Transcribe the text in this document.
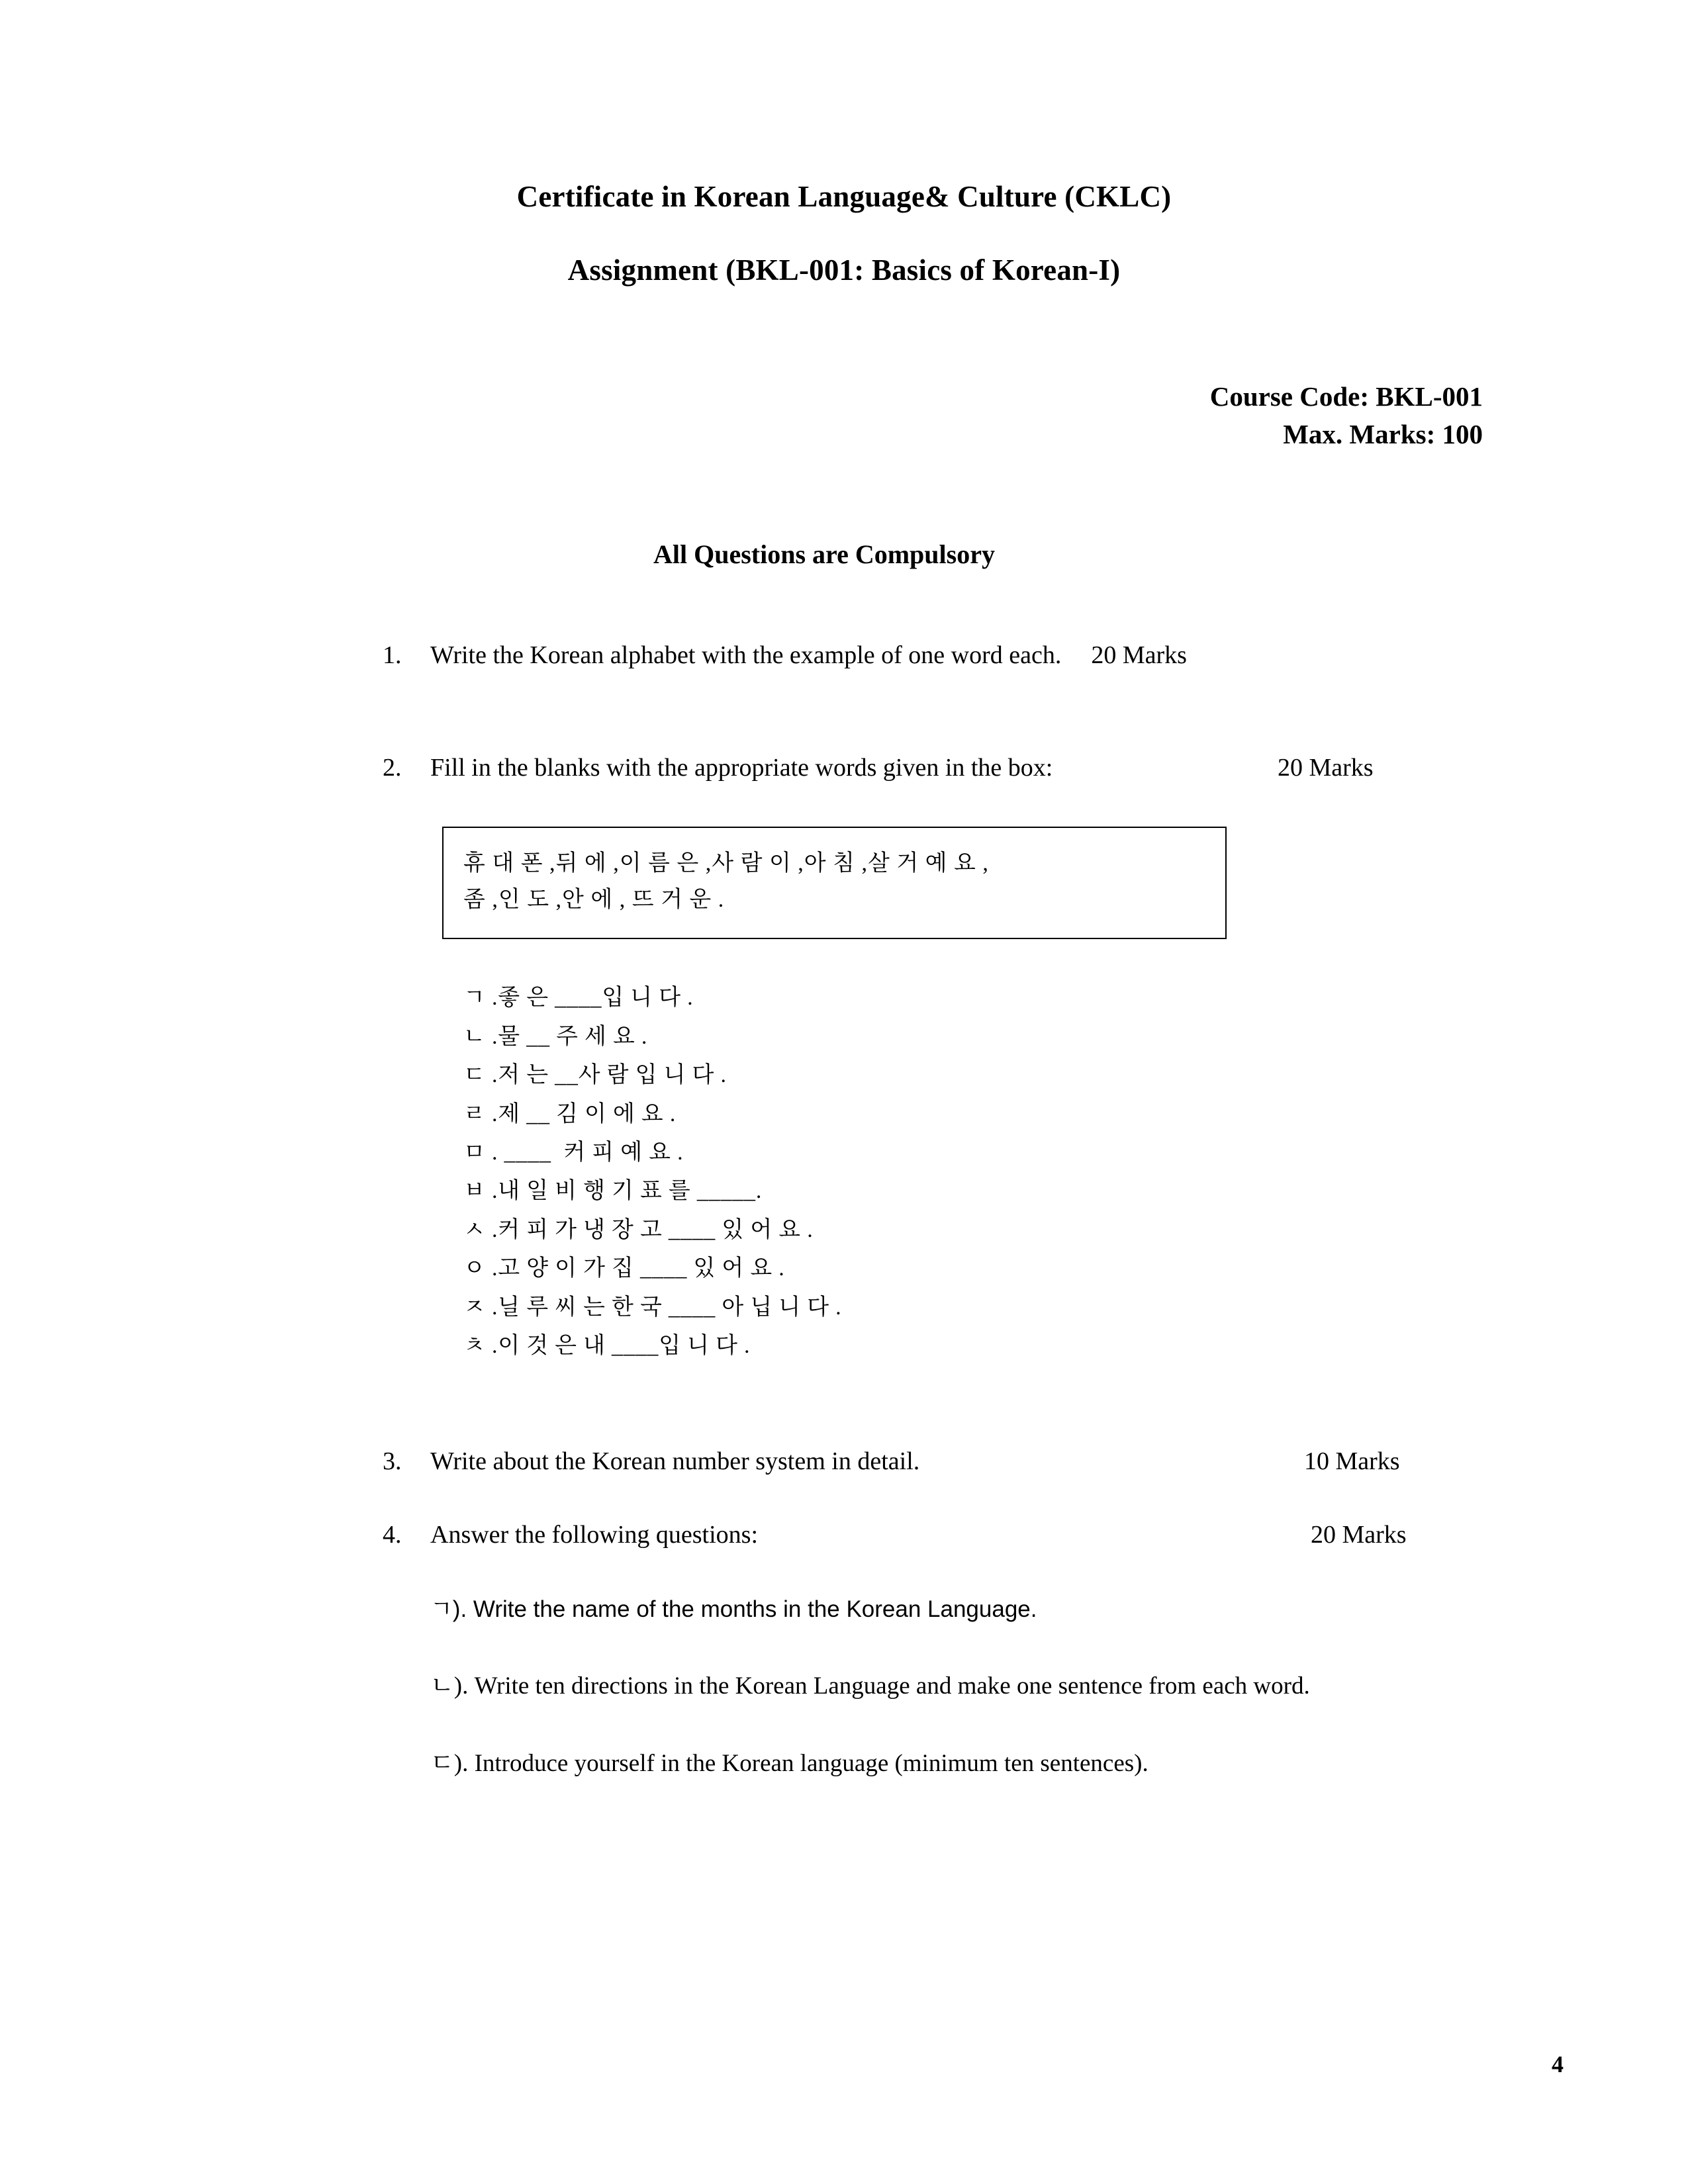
Certificate in Korean Language& Culture (CKLC)
Assignment (BKL-001: Basics of Korean-I)
Course Code: BKL-001
Max. Marks: 100
All Questions are Compulsory
1.	Write the Korean alphabet with the example of one word each. 20 Marks
2.	Fill in the blanks with the appropriate words given in the box:	20 Marks
휴 대 폰 ,뒤 에 ,이 름 은 ,사 람 이 ,아 침 ,살 거 예 요 ,
좀 ,인 도 ,안 에 , 뜨 거 운 .
ㄱ .좋 은 ____입 니 다 .
ㄴ .물 __ 주 세 요 .
ㄷ .저 는 __사 람 입 니 다 .
ㄹ .제 __ 김 이 에 요 .
ㅁ . ____  커 피 예 요 .
ㅂ .내 일 비 행 기 표 를 _____.
ㅅ .커 피 가 냉 장 고 ____ 있 어 요 .
ㅇ .고 양 이 가 집 ____ 있 어 요 .
ㅈ .닐 루 씨 는 한 국 ____ 아 닙 니 다 .
ㅊ .이 것 은 내 ____입 니 다 .
3.	Write about the Korean number system in detail.	10 Marks
4.	Answer the following questions:	20 Marks
ㄱ). Write the name of the months in the Korean Language.
ㄴ). Write ten directions in the Korean Language and make one sentence from each word.
ㄷ). Introduce yourself in the Korean language (minimum ten sentences).
4
